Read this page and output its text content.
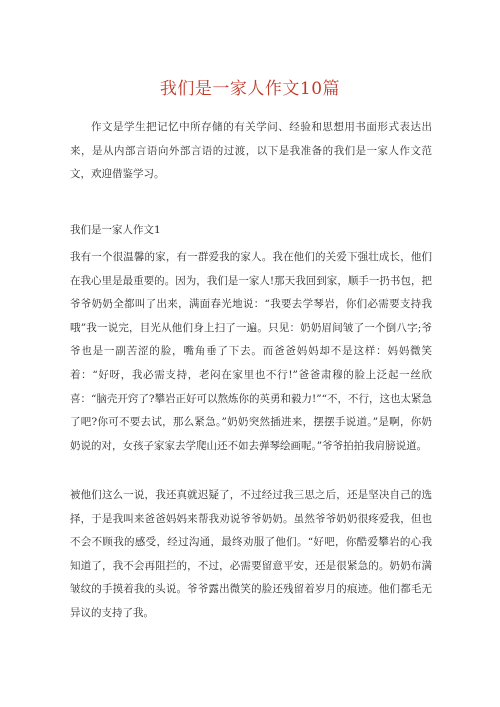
我们是一家人作文10篇

作文是学生把记忆中所存储的有关学问、经验和思想用书面形式表达出来，是从内部言语向外部言语的过渡，以下是我准备的我们是一家人作文范文，欢迎借鉴学习。

我们是一家人作文1

我有一个很温馨的家，有一群爱我的家人。我在他们的关爱下强壮成长，他们在我心里是最重要的。因为，我们是一家人!那天我回到家，顺手一扔书包，把爷爷奶奶全都叫了出来，满面春光地说：“我要去学琴岩，你们必需要支持我哦”我一说完，目光从他们身上扫了一遍。只见：奶奶眉间皱了一个倒八字;爷爷也是一副苦涩的脸，嘴角垂了下去。而爸爸妈妈却不是这样：妈妈微笑着：“好呀，我必需支持，老闷在家里也不行!”爸爸肃穆的脸上泛起一丝欣喜：“脑壳开窍了?攀岩正好可以熬炼你的英勇和毅力!”“不，不行，这也太紧急了吧?你可不要去试，那么紧急。”奶奶突然插进来，摆摆手说道。”是啊，你奶奶说的对，女孩子家家去学爬山还不如去弹琴绘画呢。”爷爷拍拍我肩膀说道。

被他们这么一说，我还真就迟疑了，不过经过我三思之后，还是坚决自己的选择，于是我叫来爸爸妈妈来帮我劝说爷爷奶奶。虽然爷爷奶奶很疼爱我，但也不会不顾我的感受，经过沟通，最终劝服了他们。“好吧，你酷爱攀岩的心我知道了，我不会再阻拦的，不过，必需要留意平安，还是很紧急的。奶奶布满皱纹的手摸着我的头说。爷爷露出微笑的脸还残留着岁月的痕迹。他们都毛无异议的支持了我。
